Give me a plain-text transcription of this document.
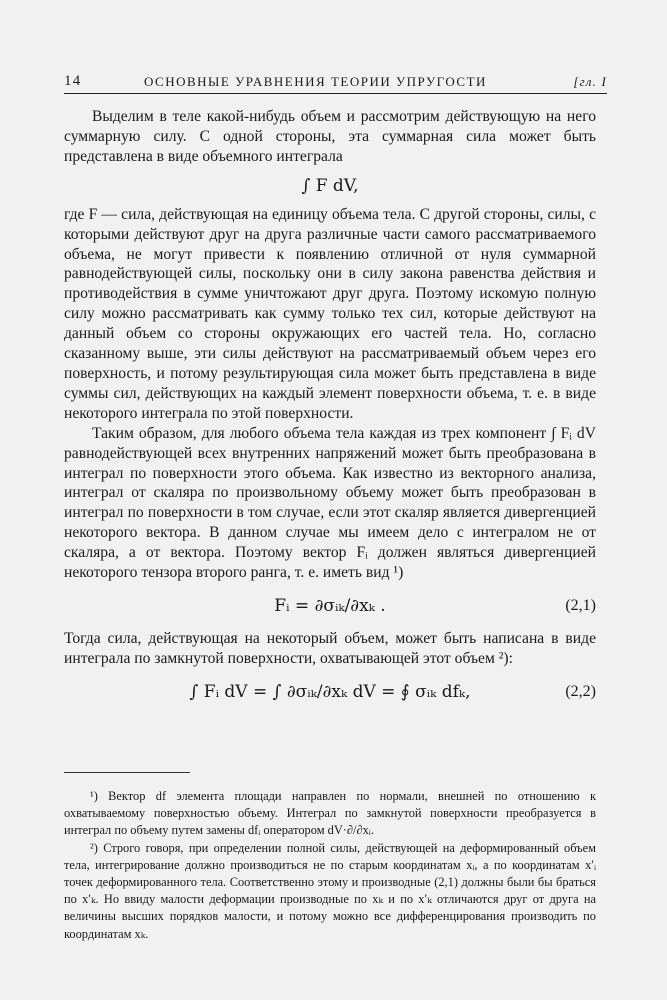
14	ОСНОВНЫЕ УРАВНЕНИЯ ТЕОРИИ УПРУГОСТИ	[гл. I

Выделим в теле какой-нибудь объем и рассмотрим действующую на него суммарную силу. С одной стороны, эта суммарная сила может быть представлена в виде объемного интеграла

∫ F dV,

где F — сила, действующая на единицу объема тела. С другой стороны, силы, с которыми действуют друг на друга различные части самого рассматриваемого объема, не могут привести к появлению отличной от нуля суммарной равнодействующей силы, поскольку они в силу закона равенства действия и противодействия в сумме уничтожают друг друга. Поэтому искомую полную силу можно рассматривать как сумму только тех сил, которые действуют на данный объем со стороны окружающих его частей тела. Но, согласно сказанному выше, эти силы действуют на рассматриваемый объем через его поверхность, и потому результирующая сила может быть представлена в виде суммы сил, действующих на каждый элемент поверхности объема, т. е. в виде некоторого интеграла по этой поверхности.

Таким образом, для любого объема тела каждая из трех компонент ∫ Fᵢ dV равнодействующей всех внутренних напряжений может быть преобразована в интеграл по поверхности этого объема. Как известно из векторного анализа, интеграл от скаляра по произвольному объему может быть преобразован в интеграл по поверхности в том случае, если этот скаляр является дивергенцией некоторого вектора. В данном случае мы имеем дело с интегралом не от скаляра, а от вектора. Поэтому вектор Fᵢ должен являться дивергенцией некоторого тензора второго ранга, т. е. иметь вид ¹)

Fᵢ = ∂σᵢₖ/∂xₖ .	(2,1)

Тогда сила, действующая на некоторый объем, может быть написана в виде интеграла по замкнутой поверхности, охватывающей этот объем ²):

∫ Fᵢ dV = ∫ ∂σᵢₖ/∂xₖ dV = ∮ σᵢₖ dfₖ,	(2,2)

¹) Вектор df элемента площади направлен по нормали, внешней по отношению к охватываемому поверхностью объему. Интеграл по замкнутой поверхности преобразуется в интеграл по объему путем замены dfᵢ оператором dV·∂/∂xᵢ.

²) Строго говоря, при определении полной силы, действующей на деформированный объем тела, интегрирование должно производиться не по старым координатам xᵢ, а по координатам x′ᵢ точек деформированного тела. Соответственно этому и производные (2,1) должны были бы браться по x′ₖ. Но ввиду малости деформации производные по xₖ и по x′ₖ отличаются друг от друга на величины высших порядков малости, и потому можно все дифференцирования производить по координатам xₖ.
